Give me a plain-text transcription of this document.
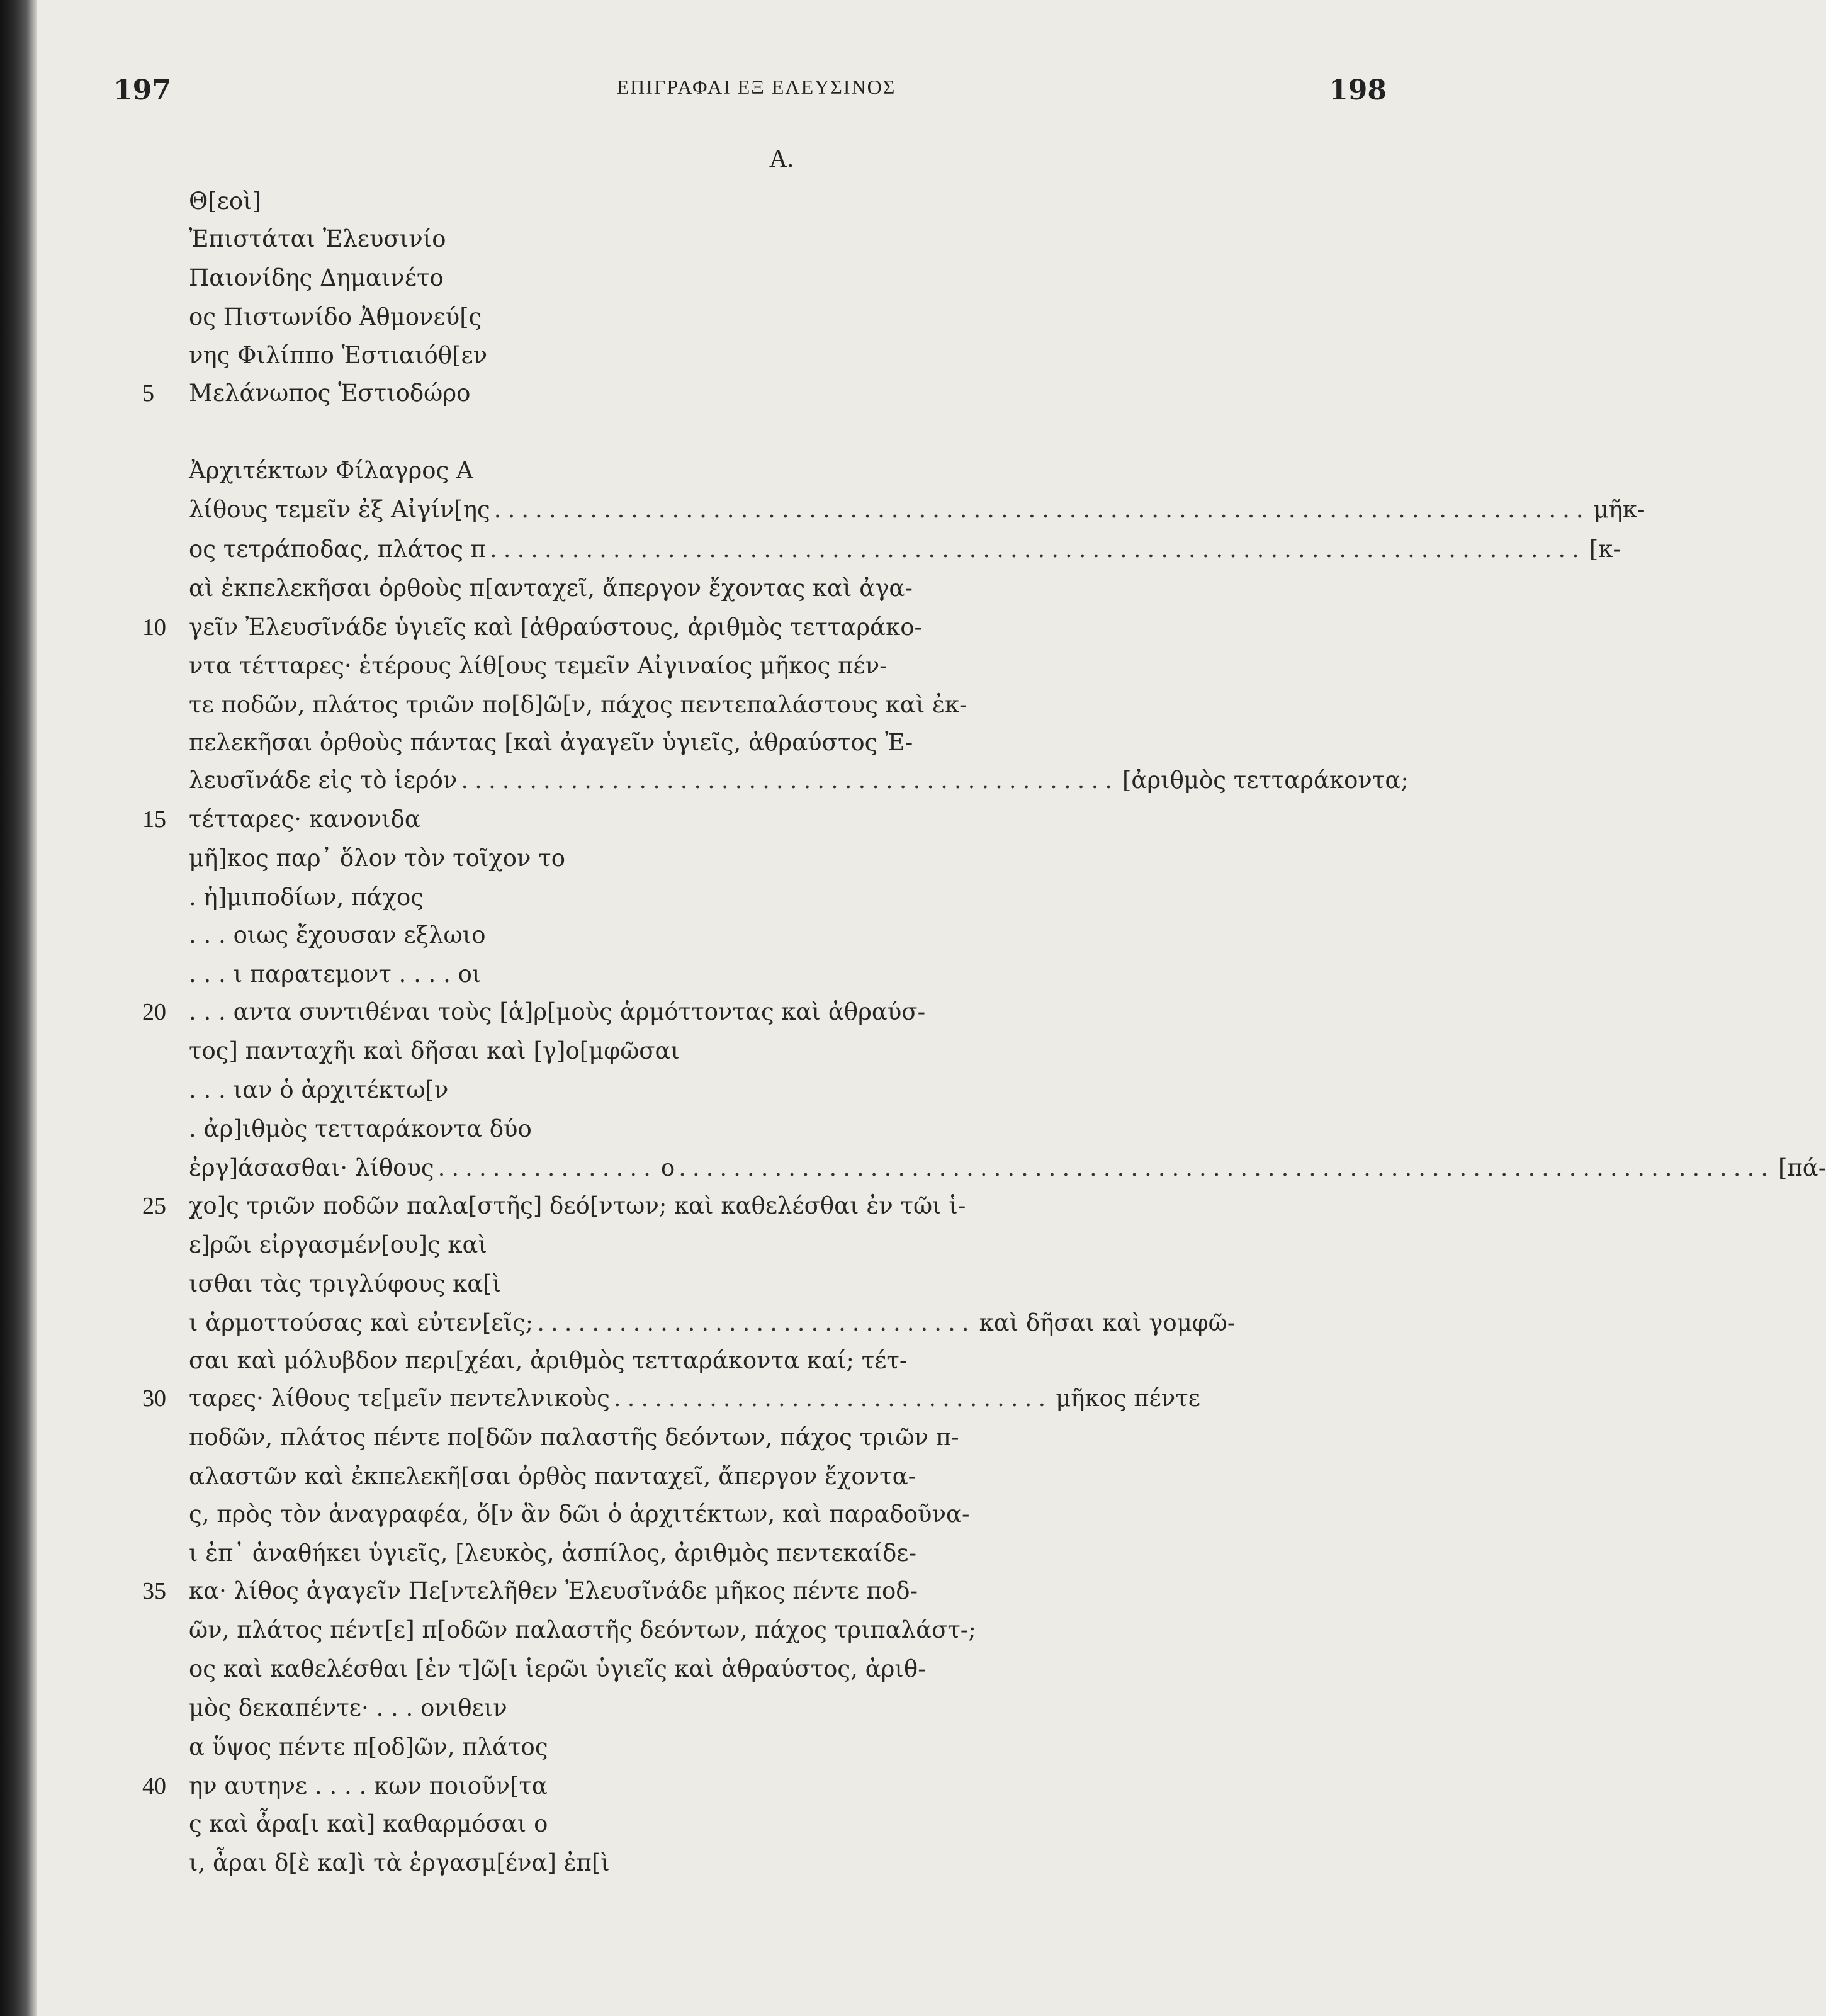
197	ΕΠΙΓΡΑΦΑΙ ΕΞ ΕΛΕΥΣΙΝΟΣ	198
A.
5
10
15
20
25
30
35
40
Θ[εοὶ]
Ἐπιστάται Ἐλευσινίο
Παιονίδης Δημαινέτο
ος Πιστωνίδο Ἀθμονεύ[ς
νης Φιλίππο Ἑστιαιόθ[εν
Μελάνωπος Ἑστιοδώρο
Ἀρχιτέκτων Φίλαγρος Α
λίθους τεμεῖν ἐξ Αἰγίν[ης ................................................................................ μῆκ-
ος τετράποδας, πλάτος π ................................................................................ [κ-
αὶ ἐκπελεκῆσαι ὀρθοὺς π[ανταχεῖ, ἄπεργον ἔχοντας καὶ ἀγα-
γεῖν Ἐλευσῖνάδε ὑγιεῖς καὶ [ἀθραύστους, ἀριθμὸς τετταράκο-
ντα τέτταρες· ἑτέρους λίθ[ους τεμεῖν Αἰγιναίος μῆκος πέν-
τε ποδῶν, πλάτος τριῶν πο[δ]ῶ[ν, πάχος πεντεπαλάστους καὶ ἐκ-
πελεκῆσαι ὀρθοὺς πάντας [καὶ ἀγαγεῖν ὑγιεῖς, ἀθραύστος Ἐ-
λευσῖνάδε εἰς τὸ ἱερόν ................................................ [ἀριθμὸς τετταράκοντα;
τέτταρες· κανονιδα
μῆ]κος παρ᾽ ὅλον τὸν τοῖχον το
. ἡ]μιποδίων, πάχος
. . . οιως ἔχουσαν εξλωιο
. . . ι παρατεμοντ . . . . οι
. . . αντα συντιθέναι τοὺς [ἁ]ρ[μοὺς ἁρμόττοντας καὶ ἀθραύσ-
τος] πανταχῆι καὶ δῆσαι καὶ [γ]ο[μφῶσαι
. . . ιαν ὁ ἀρχιτέκτω[ν
. ἀρ]ιθμὸς τετταράκοντα δύο
ἐργ]άσασθαι· λίθους ................ ο ................................................................................ [πά-
χο]ς τριῶν ποδῶν παλα[στῆς] δεό[ντων; καὶ καθελέσθαι ἐν τῶι ἱ-
ε]ρῶι εἰργασμέν[ου]ς καὶ
ισθαι τὰς τριγλύφους κα[ὶ
ι ἁρμοττούσας καὶ εὐτεν[εῖς; ................................ καὶ δῆσαι καὶ γομφῶ-
σαι καὶ μόλυβδον περι[χέαι, ἀριθμὸς τετταράκοντα καί; τέτ-
ταρες· λίθους τε[μεῖν πεντελνικοὺς ................................ μῆκος πέντε
ποδῶν, πλάτος πέντε πο[δῶν παλαστῆς δεόντων, πάχος τριῶν π-
αλαστῶν καὶ ἐκπελεκῆ[σαι ὀρθὸς πανταχεῖ, ἄπεργον ἔχοντα-
ς, πρὸς τὸν ἀναγραφέα, ὅ[ν ἂν δῶι ὁ ἀρχιτέκτων, καὶ παραδοῦνα-
ι ἐπ᾽ ἀναθήκει ὑγιεῖς, [λευκὸς, ἀσπίλος, ἀριθμὸς πεντεκαίδε-
κα· λίθος ἀγαγεῖν Πε[ντελῆθεν Ἐλευσῖνάδε μῆκος πέντε ποδ-
ῶν, πλάτος πέντ[ε] π[οδῶν παλαστῆς δεόντων, πάχος τριπαλάστ-;
ος καὶ καθελέσθαι [ἐν τ]ῶ[ι ἱερῶι ὑγιεῖς καὶ ἀθραύστος, ἀριθ-
μὸς δεκαπέντε· . . . ονιθειν
α ὕψος πέντε π[οδ]ῶν, πλάτος
ην αυτηνε . . . . κων ποιοῦν[τα
ς καὶ ἆρα[ι καὶ] καθαρμόσαι ο
ι, ἆραι δ[ὲ κα]ὶ τὰ ἐργασμ[ένα] ἐπ[ὶ
